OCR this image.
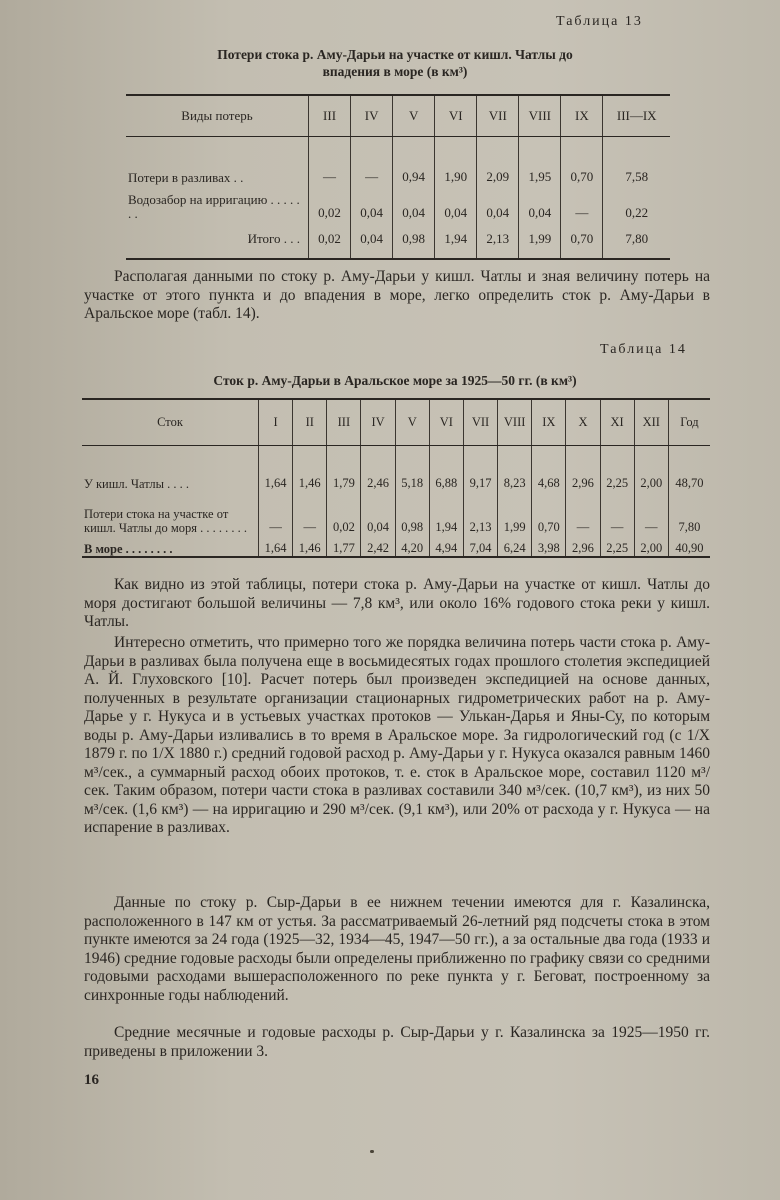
Таблица 13
Потери стока р. Аму-Дарьи на участке от кишл. Чатлы до впадения в море (в км³)
Виды потерь	III	IV	V	VI	VII	VIII	IX	III—IX
Потери в разливах . .	—	—	0,94	1,90	2,09	1,95	0,70	7,58
Водозабор на ирригацию . . . . . . .	0,02	0,04	0,04	0,04	0,04	0,04	—	0,22
Итого . . .	0,02	0,04	0,98	1,94	2,13	1,99	0,70	7,80

Располагая данными по стоку р. Аму-Дарьи у кишл. Чатлы и зная величину потерь на участке от этого пункта и до впадения в море, легко определить сток р. Аму-Дарьи в Аральское море (табл. 14).

Таблица 14
Сток р. Аму-Дарьи в Аральское море за 1925—50 гг. (в км³)
Сток	I	II	III	IV	V	VI	VII	VIII	IX	X	XI	XII	Год
У кишл. Чатлы . . . .	1,64	1,46	1,79	2,46	5,18	6,88	9,17	8,23	4,68	2,96	2,25	2,00	48,70
Потери стока на участке от кишл. Чатлы до моря . . . . . . . .	—	—	0,02	0,04	0,98	1,94	2,13	1,99	0,70	—	—	—	7,80
В море . . . . . . . .	1,64	1,46	1,77	2,42	4,20	4,94	7,04	6,24	3,98	2,96	2,25	2,00	40,90

Как видно из этой таблицы, потери стока р. Аму-Дарьи на участке от кишл. Чатлы до моря достигают большой величины — 7,8 км³, или около 16% годового стока реки у кишл. Чатлы.

Интересно отметить, что примерно того же порядка величина потерь части стока р. Аму-Дарьи в разливах была получена еще в восьмидесятых годах прошлого столетия экспедицией А. Й. Глуховского [10]. Расчет потерь был произведен экспедицией на основе данных, полученных в результате организации стационарных гидрометрических работ на р. Аму-Дарье у г. Нукуса и в устьевых участках протоков — Улькан-Дарья и Яны-Су, по которым воды р. Аму-Дарьи изливались в то время в Аральское море. За гидрологический год (с 1/X 1879 г. по 1/X 1880 г.) средний годовой расход р. Аму-Дарьи у г. Нукуса оказался равным 1460 м³/сек., а суммарный расход обоих протоков, т. е. сток в Аральское море, составил 1120 м³/сек. Таким образом, потери части стока в разливах составили 340 м³/сек. (10,7 км³), из них 50 м³/сек. (1,6 км³) — на ирригацию и 290 м³/сек. (9,1 км³), или 20% от расхода у г. Нукуса — на испарение в разливах.

Данные по стоку р. Сыр-Дарьи в ее нижнем течении имеются для г. Казалинска, расположенного в 147 км от устья. За рассматриваемый 26-летний ряд подсчеты стока в этом пункте имеются за 24 года (1925—32, 1934—45, 1947—50 гг.), а за остальные два года (1933 и 1946) средние годовые расходы были определены приближенно по графику связи со средними годовыми расходами вышерасположенного по реке пункта у г. Беговат, построенному за синхронные годы наблюдений.

Средние месячные и годовые расходы р. Сыр-Дарьи у г. Казалинска за 1925—1950 гг. приведены в приложении 3.

16
